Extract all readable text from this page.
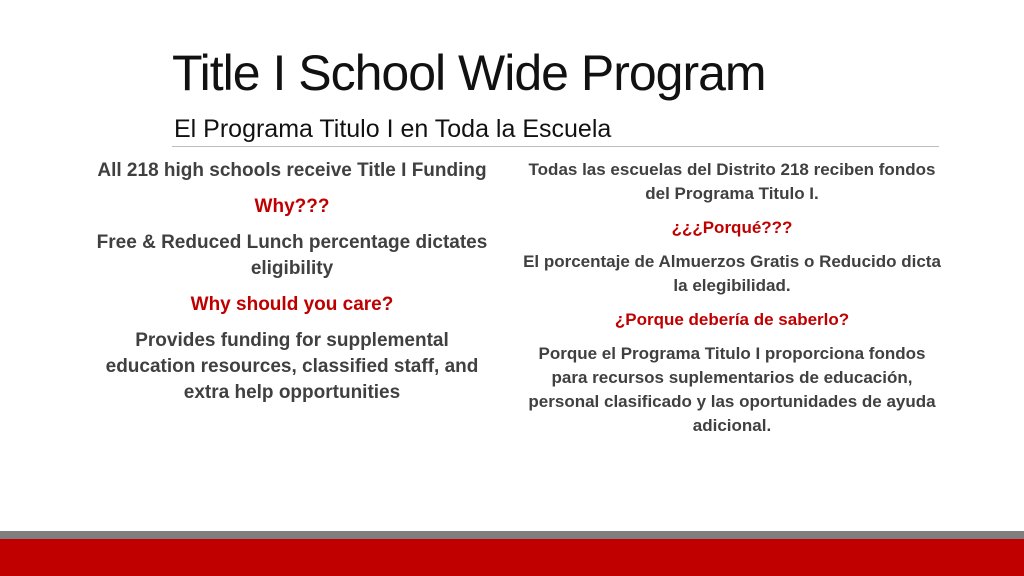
Title I School Wide Program
El Programa Titulo I en Toda la Escuela

All 218 high schools receive Title I Funding

Why???

Free & Reduced Lunch percentage dictates eligibility

Why should you care?

Provides funding for supplemental education resources, classified staff, and extra help opportunities

Todas las escuelas del Distrito 218 reciben fondos del Programa Titulo I.

¿¿¿Porqué???

El porcentaje de Almuerzos Gratis o Reducido dicta la elegibilidad.

¿Porque debería de saberlo?

Porque el Programa Titulo I proporciona fondos para recursos suplementarios de educación, personal clasificado y las oportunidades de ayuda adicional.
